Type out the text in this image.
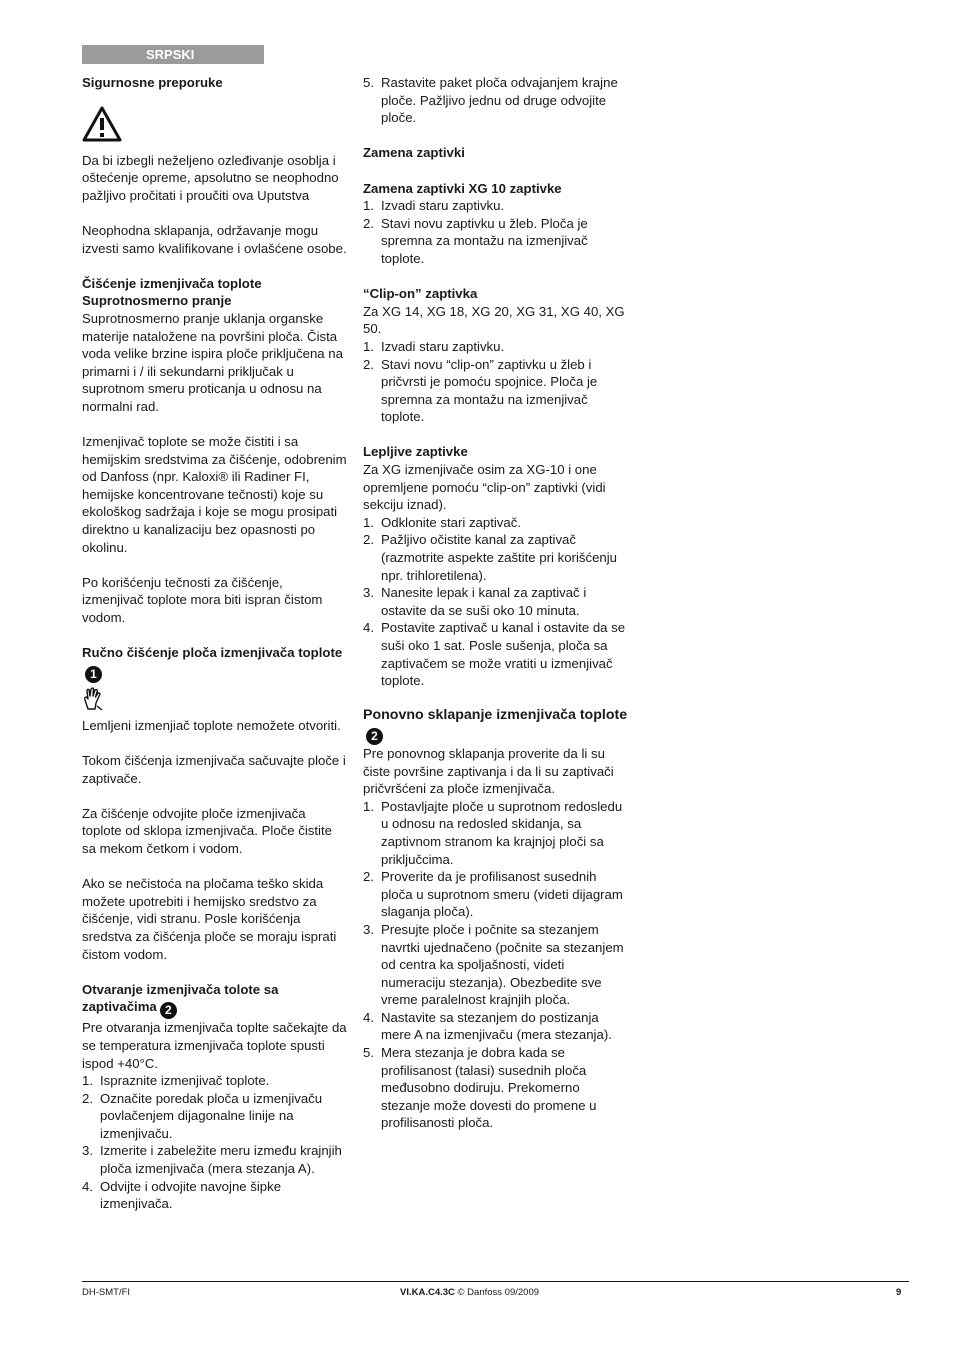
SRPSKI

Sigurnosne preporuke

Da bi izbegli neželjeno ozleđivanje osoblja i oštećenje opreme, apsolutno se neophodno pažljivo pročitati i proučiti ova Uputstva

Neophodna sklapanja, održavanje mogu izvesti samo kvalifikovane i ovlašćene osobe.

Čišćenje izmenjivača toplote

Suprotnosmerno pranje

Suprotnosmerno pranje uklanja organske materije nataložene na površini ploča. Čista voda velike brzine ispira ploče priključena na primarni i / ili sekundarni priključak u suprotnom smeru proticanja u odnosu na normalni rad.

Izmenjivač toplote se može čistiti i sa hemijskim sredstvima za čišćenje, odobrenim od Danfoss (npr. Kaloxi® ili Radiner FI, hemijske koncentrovane tečnosti) koje su ekološkog sadržaja i koje se mogu prosipati direktno u kanalizaciju bez opasnosti po okolinu.

Po korišćenju tečnosti za čišćenje, izmenjivač toplote mora biti ispran čistom vodom.

Ručno čišćenje ploča izmenjivača toplote1

Lemljeni izmenjiač toplote nemožete otvoriti.

Tokom čišćenja izmenjivača sačuvajte ploče i zaptivače.

Za čišćenje odvojite ploče izmenjivača toplote od sklopa izmenjivača. Ploče čistite sa mekom četkom i vodom.

Ako se nečistoća na pločama teško skida možete upotrebiti i hemijsko sredstvo za čišćenje, vidi stranu. Posle korišćenja sredstva za čišćenja ploče se moraju isprati čistom vodom.

Otvaranje izmenjivača tolote sa zaptivačima 2

Pre otvaranja izmenjivača toplte sačekajte da se temperatura izmenjivača toplote spusti ispod +40°C.

1. Ispraznite izmenjivač toplote.
2. Označite poredak ploča u izmenjivaču povlačenjem dijagonalne linije na izmenjivaču.
3. Izmerite i zabeležite meru između krajnjih ploča izmenjivača (mera stezanja A).
4. Odvijte i odvojite navojne šipke izmenjivača.
5. Rastavite paket ploča odvajanjem krajne ploče. Pažljivo jednu od druge odvojite ploče.

Zamena zaptivki

Zamena zaptivki XG 10 zaptivke

1. Izvadi staru zaptivku.
2. Stavi novu zaptivku u žleb. Ploča je spremna za montažu na izmenjivač toplote.

“Clip-on” zaptivka

Za XG 14, XG 18, XG 20, XG 31, XG 40, XG 50.

1. Izvadi staru zaptivku.
2. Stavi novu “clip-on” zaptivku u žleb i pričvrsti je pomoću spojnice. Ploča je spremna za montažu na izmenjivač toplote.

Lepljive zaptivke

Za XG izmenjivače osim za XG-10 i one opremljene pomoću “clip-on” zaptivki (vidi sekciju iznad).

1. Odklonite stari zaptivač.
2. Pažljivo očistite kanal za zaptivač (razmotrite aspekte zaštite pri korišćenju npr. trihloretilena).
3. Nanesite lepak i kanal za zaptivač i ostavite da se suši oko 10 minuta.
4. Postavite zaptivač u kanal i ostavite da se suši oko 1 sat. Posle sušenja, ploča sa zaptivačem se može vratiti u izmenjivač toplote.

Ponovno sklapanje izmenjivača toplote2

Pre ponovnog sklapanja proverite da li su čiste površine zaptivanja i da li su zaptivači pričvršćeni za ploče izmenjivača.

1. Postavljajte ploče u suprotnom redosledu u odnosu na redosled skidanja, sa zaptivnom stranom ka krajnjoj ploči sa priključcima.
2. Proverite da je profilisanost susednih ploča u suprotnom smeru (videti dijagram slaganja ploča).
3. Presujte ploče i počnite sa stezanjem navrtki ujednačeno (počnite sa stezanjem od centra ka spoljašnosti, videti numeraciju stezanja). Obezbedite sve vreme paralelnost krajnjih ploča.
4. Nastavite sa stezanjem do postizanja mere A na izmenjivaču (mera stezanja).
5. Mera stezanja je dobra kada se profilisanost (talasi) susednih ploča međusobno dodiruju. Prekomerno stezanje može dovesti do promene u profilisanosti ploča.
DH-SMT/FI	VI.KA.C4.3C © Danfoss 09/2009	9
